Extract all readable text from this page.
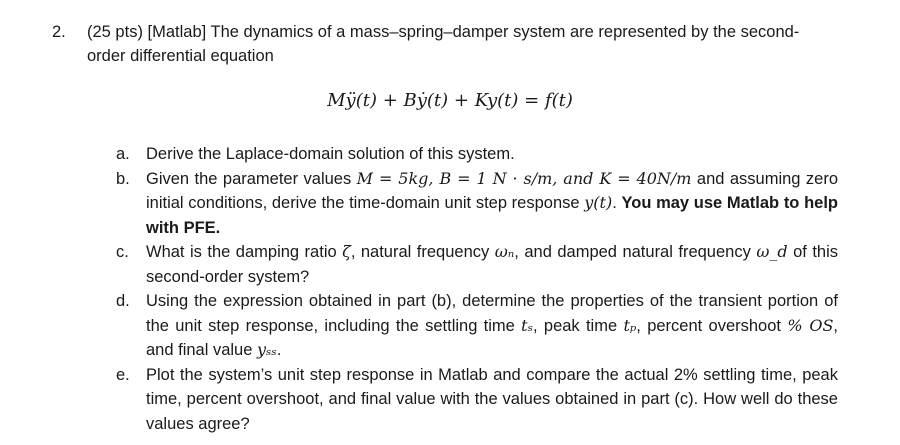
2. (25 pts) [Matlab] The dynamics of a mass–spring–damper system are represented by the second-
order differential equation
Mÿ(t) + Bẏ(t) + Ky(t) = f(t)
a. Derive the Laplace-domain solution of this system.
b. Given the parameter values M = 5kg, B = 1 N · s/m, and K = 40N/m and assuming zero initial conditions, derive the time-domain unit step response y(t). You may use Matlab to help with PFE.
c.	What is the damping ratio ζ, natural frequency ωₙ, and damped natural frequency ω_d of this second-order system?
d. Using the expression obtained in part (b), determine the properties of the transient portion of the unit step response, including the settling time tₛ, peak time tₚ, percent overshoot % OS, and final value yₛₛ.
e. Plot the system’s unit step response in Matlab and compare the actual 2% settling time, peak time, percent overshoot, and final value with the values obtained in part (c). How well do these values agree?
